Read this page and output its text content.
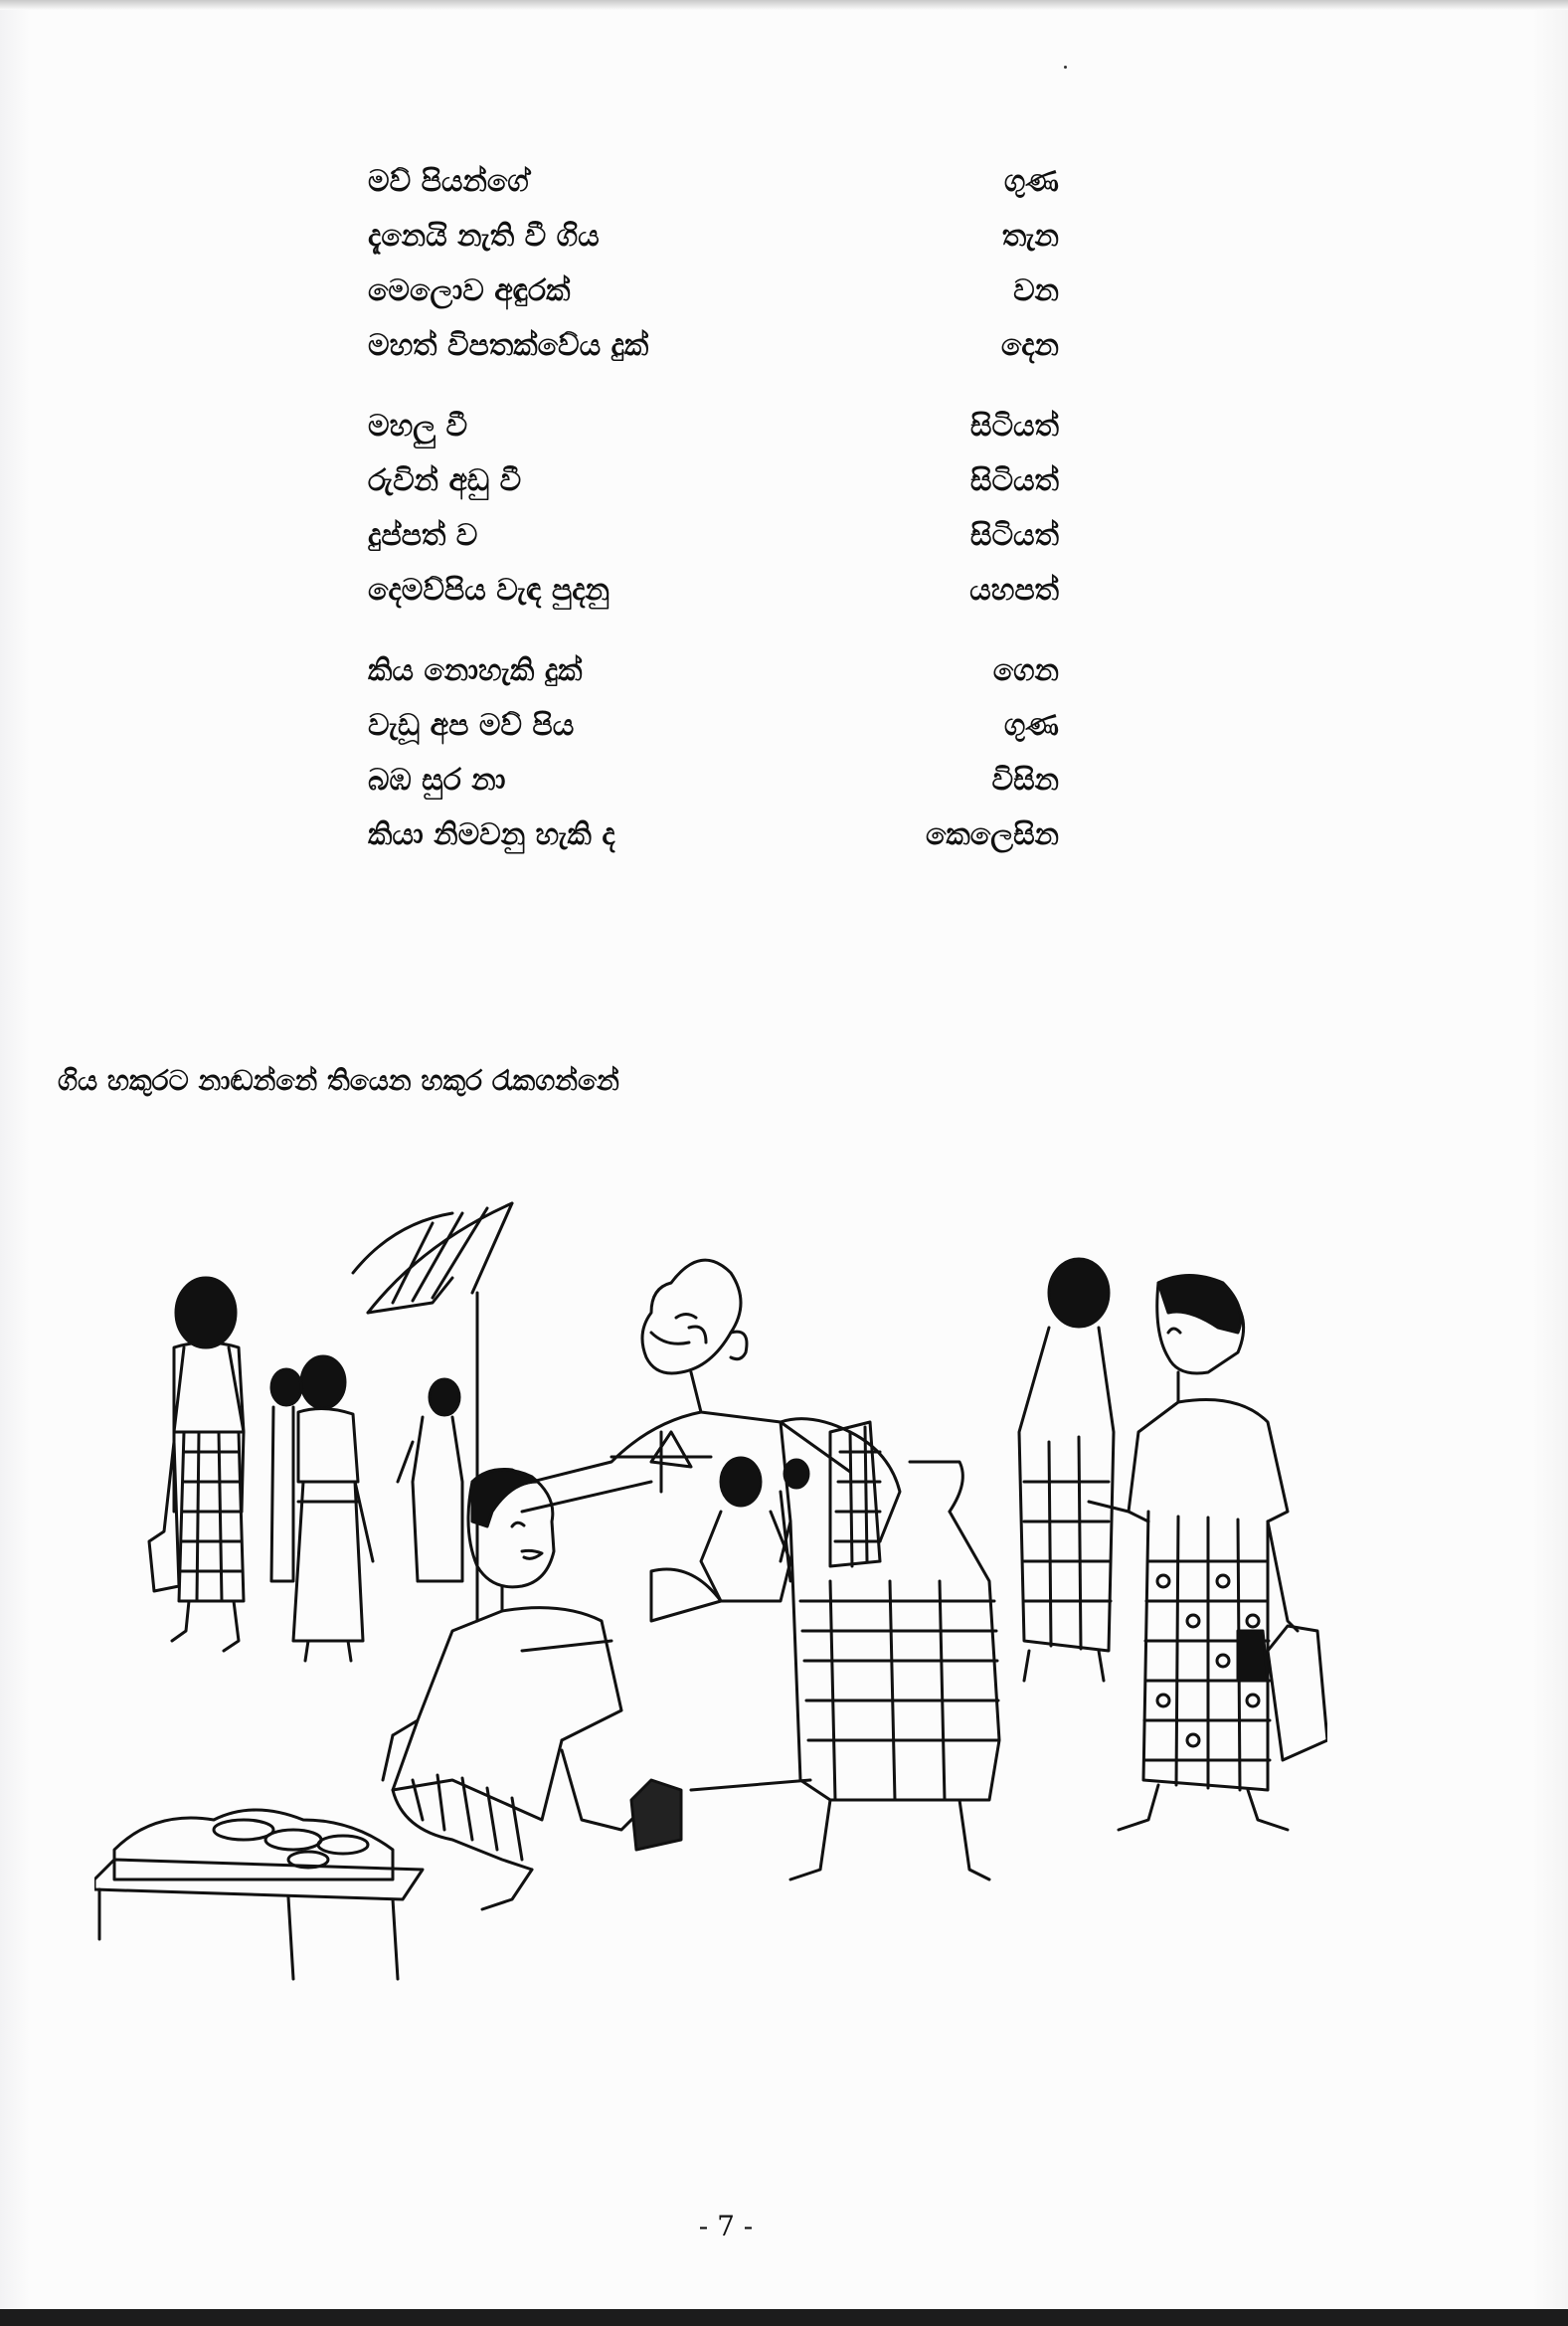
මව් පියන්ගේ	ගුණ
දැනෙයි නැති වී ගිය	තැන
මෙලොව අඳුරක්	වන
මහත් විපතක්වේය දුක්	දෙන
මහලු වී	සිටියත්
රුවින් අඩු වී	සිටියත්
දුප්පත් ව	සිටියත්
දෙමව්පිය වැඳ පුදනු	යහපත්
කිය නොහැකි දුක්	ගෙන
වැඩූ අප මව් පිය	ගුණ
බඹ සුර නා	විසින
කියා නිමවනු හැකි ද	කෙලෙසින
ගිය හකුරට නාඬන්නේ තියෙන හකුර රැකගන්නේ
- 7 -
